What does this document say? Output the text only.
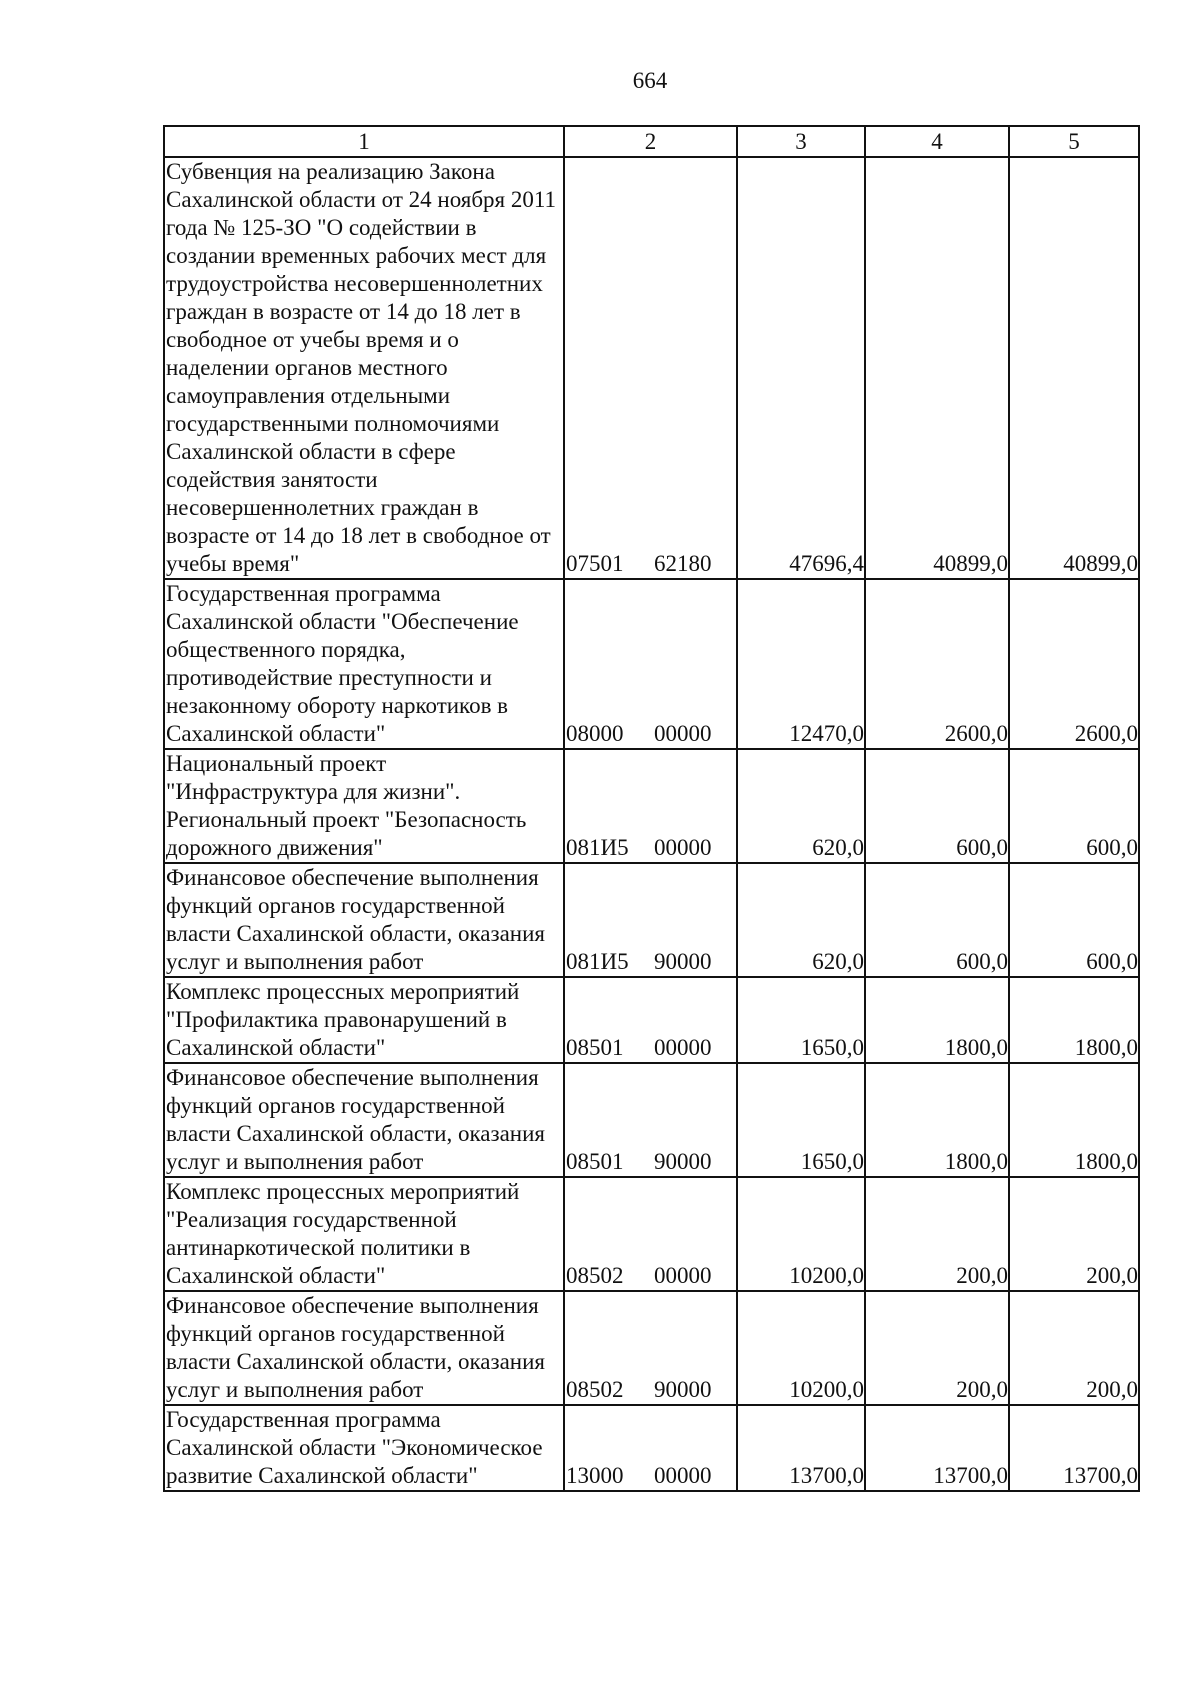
664
1	2	3	4	5
Субвенция на реализацию Закона Сахалинской области от 24 ноября 2011 года № 125-ЗО "О содействии в создании временных рабочих мест для трудоустройства несовершеннолетних граждан в возрасте от 14 до 18 лет в свободное от учебы время и о наделении органов местного самоуправления отдельными государственными полномочиями Сахалинской области в сфере содействия занятости несовершеннолетних граждан в возрасте от 14 до 18 лет в свободное от учебы время"	07501 62180	47696,4	40899,0	40899,0
Государственная программа Сахалинской области "Обеспечение общественного порядка, противодействие преступности и незаконному обороту наркотиков в Сахалинской области"	08000 00000	12470,0	2600,0	2600,0
Национальный проект "Инфраструктура для жизни". Региональный проект "Безопасность дорожного движения"	081И5 00000	620,0	600,0	600,0
Финансовое обеспечение выполнения функций органов государственной власти Сахалинской области, оказания услуг и выполнения работ	081И5 90000	620,0	600,0	600,0
Комплекс процессных мероприятий "Профилактика правонарушений в Сахалинской области"	08501 00000	1650,0	1800,0	1800,0
Финансовое обеспечение выполнения функций органов государственной власти Сахалинской области, оказания услуг и выполнения работ	08501 90000	1650,0	1800,0	1800,0
Комплекс процессных мероприятий "Реализация государственной антинаркотической политики в Сахалинской области"	08502 00000	10200,0	200,0	200,0
Финансовое обеспечение выполнения функций органов государственной власти Сахалинской области, оказания услуг и выполнения работ	08502 90000	10200,0	200,0	200,0
Государственная программа Сахалинской области "Экономическое развитие Сахалинской области"	13000 00000	13700,0	13700,0	13700,0
